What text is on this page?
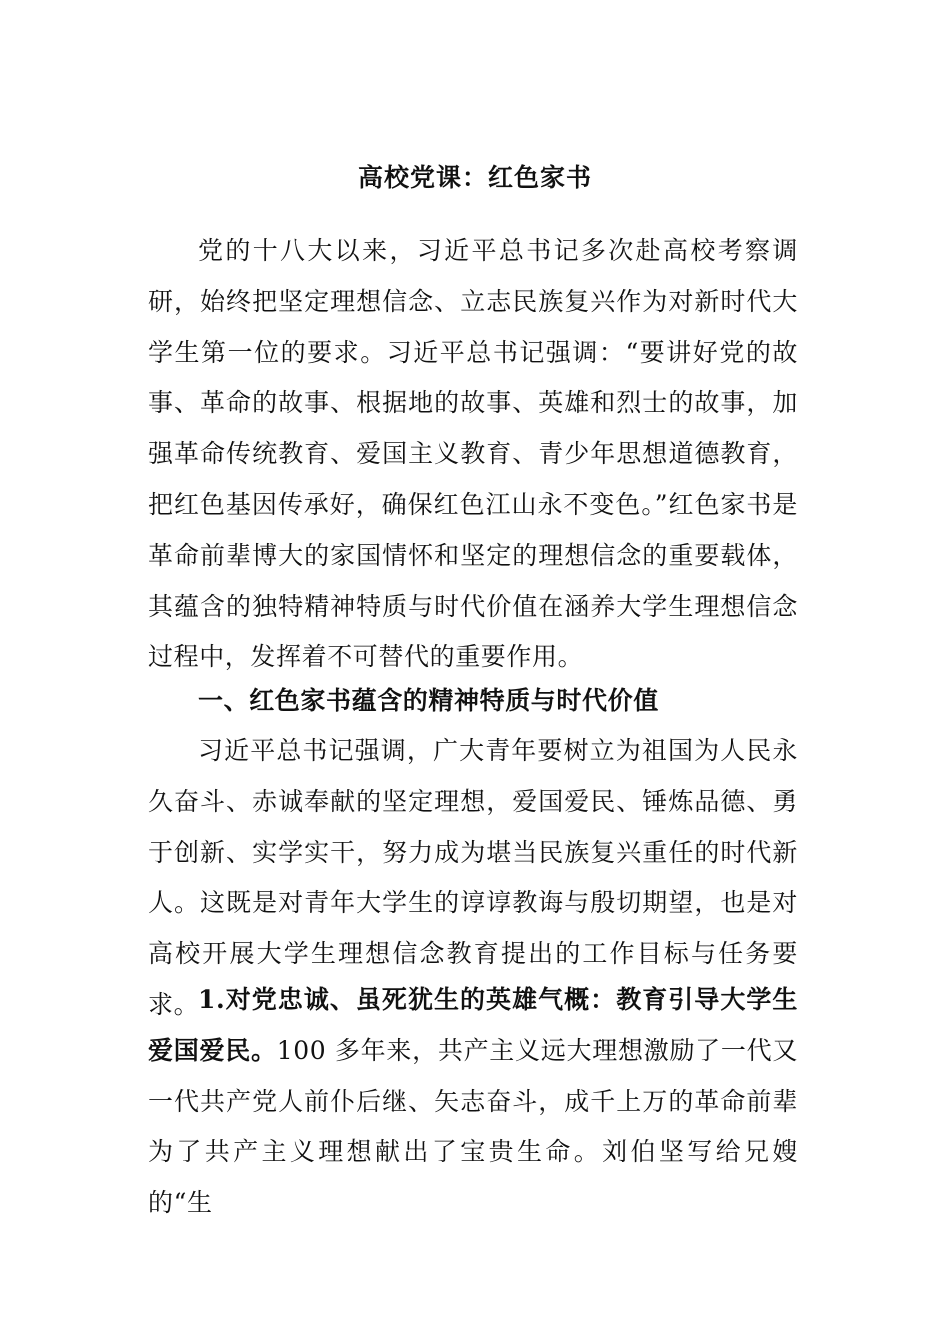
高校党课：红色家书

党的十八大以来，习近平总书记多次赴高校考察调研，始终把坚定理想信念、立志民族复兴作为对新时代大学生第一位的要求。习近平总书记强调：“要讲好党的故事、革命的故事、根据地的故事、英雄和烈士的故事，加强革命传统教育、爱国主义教育、青少年思想道德教育，把红色基因传承好，确保红色江山永不变色。”红色家书是革命前辈博大的家国情怀和坚定的理想信念的重要载体，其蕴含的独特精神特质与时代价值在涵养大学生理想信念过程中，发挥着不可替代的重要作用。

一、红色家书蕴含的精神特质与时代价值

习近平总书记强调，广大青年要树立为祖国为人民永久奋斗、赤诚奉献的坚定理想，爱国爱民、锤炼品德、勇于创新、实学实干，努力成为堪当民族复兴重任的时代新人。这既是对青年大学生的谆谆教诲与殷切期望，也是对高校开展大学生理想信念教育提出的工作目标与任务要求。

1.对党忠诚、虽死犹生的英雄气概：教育引导大学生爱国爱民。100 多年来，共产主义远大理想激励了一代又一代共产党人前仆后继、矢志奋斗，成千上万的革命前辈为了共产主义理想献出了宝贵生命。刘伯坚写给兄嫂的“生
